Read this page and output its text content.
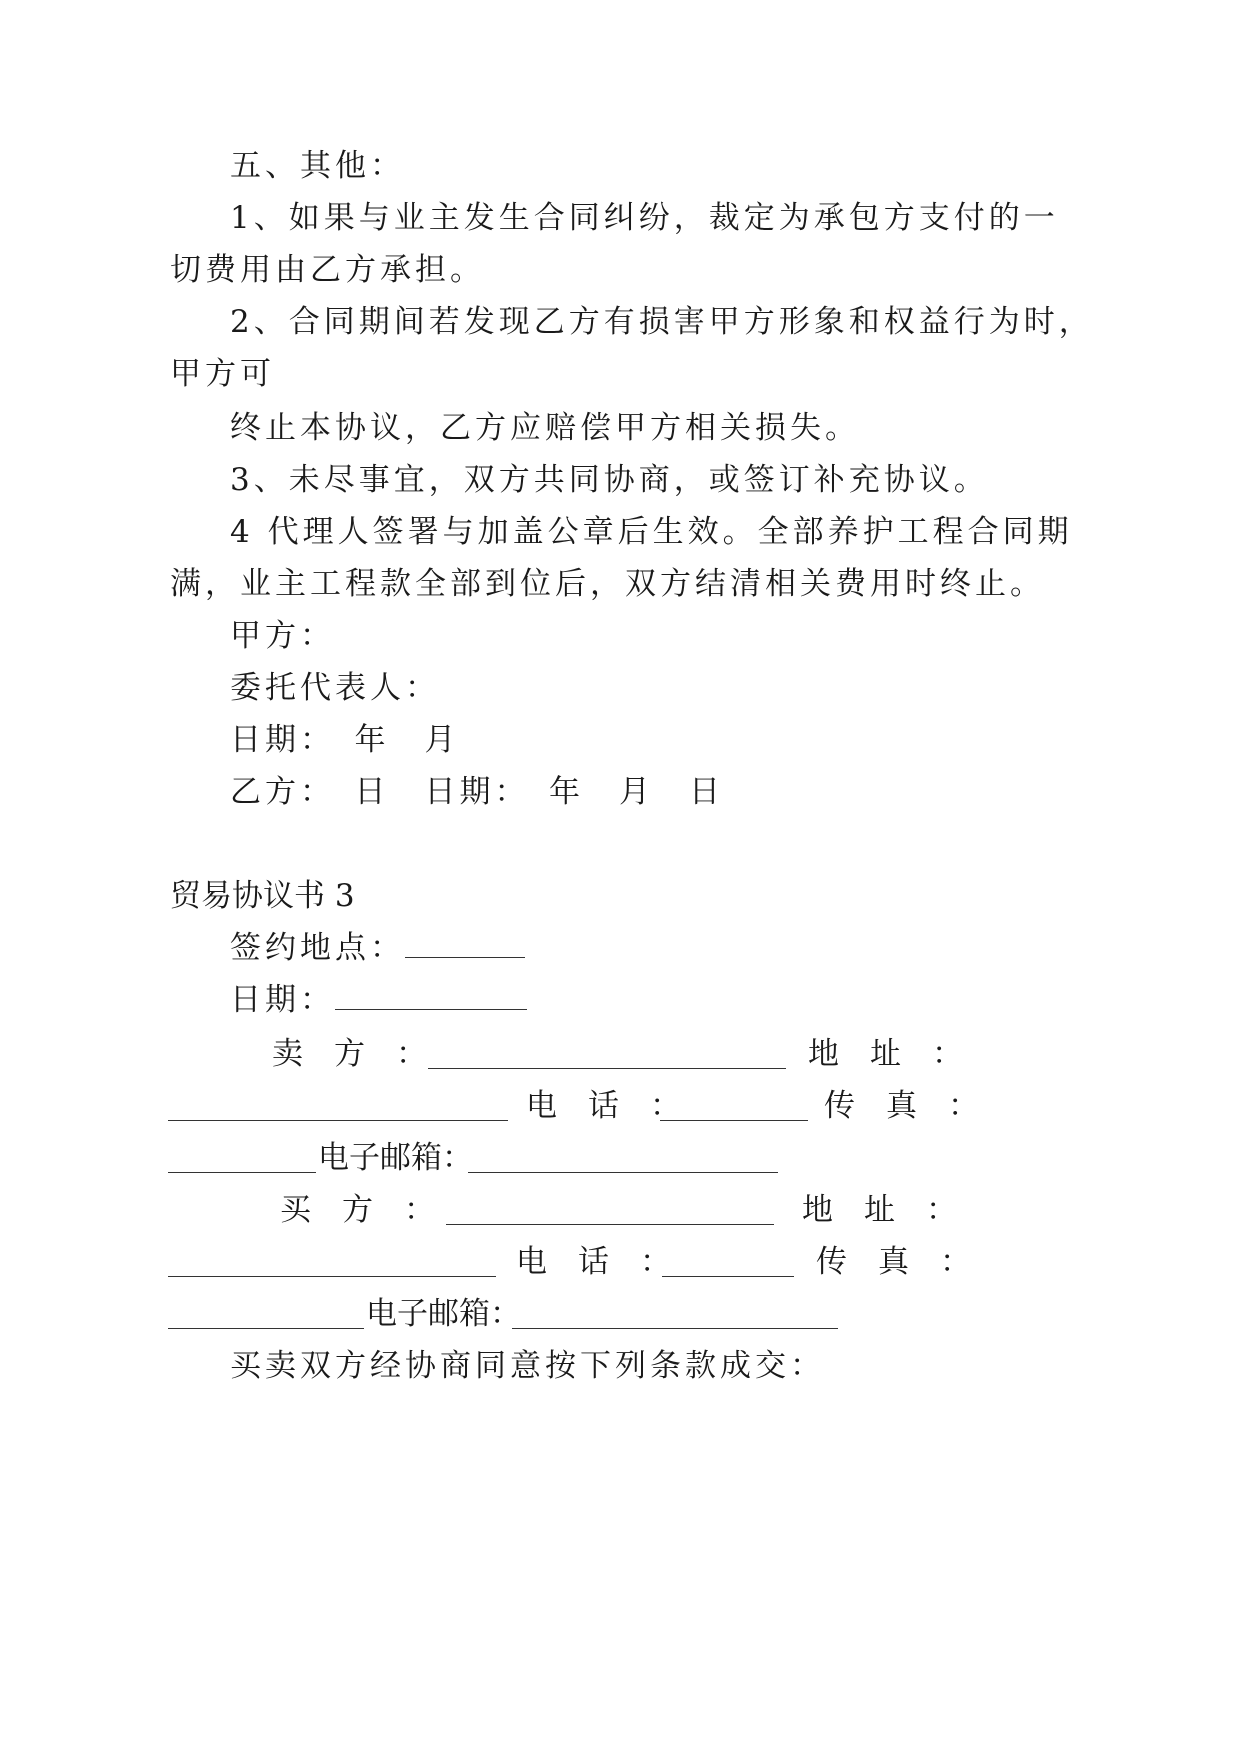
五、其他：
1、如果与业主发生合同纠纷，裁定为承包方支付的一
切费用由乙方承担。
2、合同期间若发现乙方有损害甲方形象和权益行为时，
甲方可
终止本协议，乙方应赔偿甲方相关损失。
3、未尽事宜，双方共同协商，或签订补充协议。
4 代理人签署与加盖公章后生效。全部养护工程合同期
满，业主工程款全部到位后，双方结清相关费用时终止。
甲方：
委托代表人：
日期：　年　月
乙方：　日　日期：　年　月　日
贸易协议书 3
签约地点：
日期：
卖　方　：	地　址　：
电　话　：	传　真　：
电子邮箱：
买　方　：	地　址　：
电　话　：	传　真　：
电子邮箱：
买卖双方经协商同意按下列条款成交：
